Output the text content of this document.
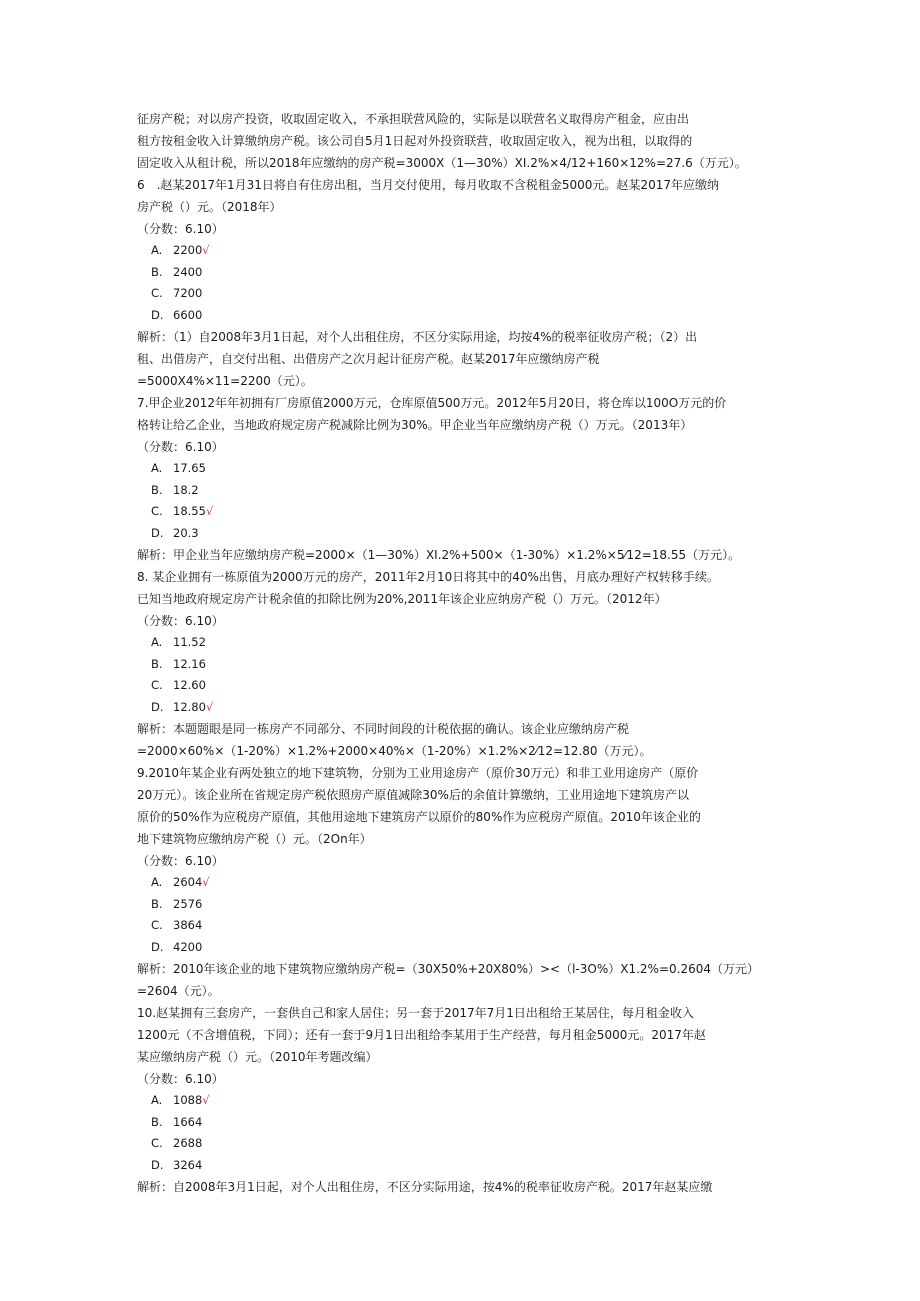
征房产税；对以房产投资，收取固定收入，不承担联营风险的，实际是以联营名义取得房产租金，应由出

租方按租金收入计算缴纳房产税。该公司自5月1日起对外投资联营，收取固定收入，视为出租，以取得的

固定收入从租计税，所以2018年应缴纳的房产税=3000X（1—30%）XI.2%×4/12+160×12%=27.6（万元）。

6　.赵某2017年1月31日将自有住房出租，当月交付使用，每月收取不含税租金5000元。赵某2017年应缴纳

房产税（）元。（2018年）

（分数：6.10）

A. 2200 √
B. 2400
C. 7200
D. 6600

解析：（1）自2008年3月1日起，对个人出租住房，不区分实际用途，均按4%的税率征收房产税；（2）出

租、出借房产，自交付出租、出借房产之次月起计征房产税。赵某2017年应缴纳房产税

=5000X4%×11=2200（元）。

7.甲企业2012年年初拥有厂房原值2000万元，仓库原值500万元。2012年5月20日，将仓库以100O万元的价

格转让给乙企业，当地政府规定房产税减除比例为30%。甲企业当年应缴纳房产税（）万元。（2013年）

（分数：6.10）

A. 17.65
B. 18.2
C. 18.55 √
D. 20.3

解析：甲企业当年应缴纳房产税=2000×（1—30%）XI.2%+500×（1-30%）×1.2%×5⁄12=18.55（万元）。

8. 某企业拥有一栋原值为2000万元的房产，2011年2月10日将其中的40%出售，月底办理好产权转移手续。

已知当地政府规定房产计税余值的扣除比例为20%,2011年该企业应纳房产税（）万元。（2012年）

（分数：6.10）

A. 11.52
B. 12.16
C. 12.60
D. 12.80 √

解析：本题题眼是同一栋房产不同部分、不同时间段的计税依据的确认。该企业应缴纳房产税

=2000×60%×（1-20%）×1.2%+2000×40%×（1-20%）×1.2%×2⁄12=12.80（万元）。

9.2010年某企业有两处独立的地下建筑物，分别为工业用途房产（原价30万元）和非工业用途房产（原价

20万元）。该企业所在省规定房产税依照房产原值减除30%后的余值计算缴纳，工业用途地下建筑房产以

原价的50%作为应税房产原值，其他用途地下建筑房产以原价的80%作为应税房产原值。2010年该企业的

地下建筑物应缴纳房产税（）元。（2On年）

（分数：6.10）

A. 2604 √
B. 2576
C. 3864
D. 4200

解析：2010年该企业的地下建筑物应缴纳房产税=（30X50%+20X80%）><（l-3O%）X1.2%=0.2604（万元）

=2604（元）。

10.赵某拥有三套房产，一套供自己和家人居住；另一套于2017年7月1日出租给王某居住，每月租金收入

1200元（不含增值税，下同）；还有一套于9月1日出租给李某用于生产经营，每月租金5000元。2017年赵

某应缴纳房产税（）元。（2010年考题改编）

（分数：6.10）

A. 1088 √
B. 1664
C. 2688
D. 3264

解析：自2008年3月1日起，对个人出租住房，不区分实际用途，按4%的税率征收房产税。2017年赵某应缴
